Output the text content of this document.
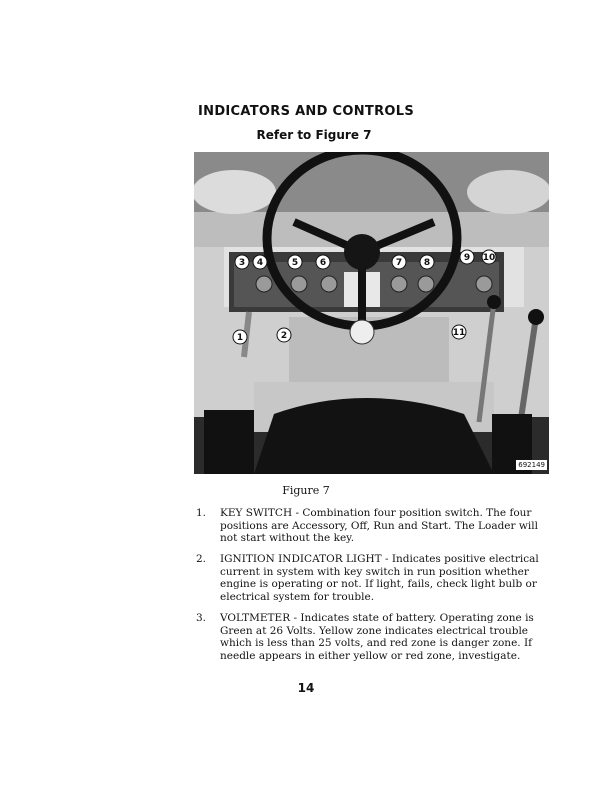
INDICATORS AND CONTROLS
Refer to Figure 7
3 4	5 6	7 8	9 10
1	2	11
692149
Figure 7
1. KEY SWITCH - Combination four position switch. The four positions are Accessory, Off, Run and Start. The Loader will not start without the key.
2. IGNITION INDICATOR LIGHT - Indicates positive electrical current in system with key switch in run position whether engine is operating or not. If light, fails, check light bulb or electrical system for trouble.
3. VOLTMETER - Indicates state of battery. Operating zone is Green at 26 Volts. Yellow zone indicates electrical trouble which is less than 25 volts, and red zone is danger zone. If needle appears in either yellow or red zone, investigate.
14
